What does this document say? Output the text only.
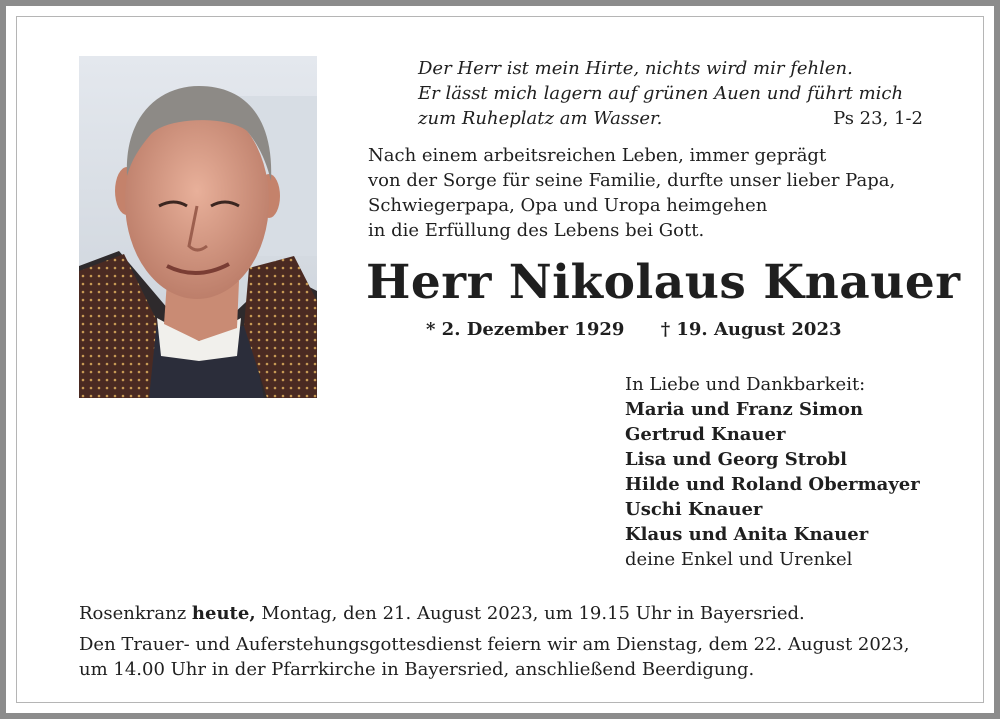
Der Herr ist mein Hirte, nichts wird mir fehlen.
Er lässt mich lagern auf grünen Auen und führt mich
zum Ruheplatz am Wasser.	Ps 23, 1-2
Nach einem arbeitsreichen Leben, immer geprägt
von der Sorge für seine Familie, durfte unser lieber Papa,
Schwiegerpapa, Opa und Uropa heimgehen
in die Erfüllung des Lebens bei Gott.
Herr Nikolaus Knauer
* 2. Dezember 1929 † 19. August 2023
In Liebe und Dankbarkeit:
Maria und Franz Simon
Gertrud Knauer
Lisa und Georg Strobl
Hilde und Roland Obermayer
Uschi Knauer
Klaus und Anita Knauer
deine Enkel und Urenkel
Rosenkranz heute, Montag, den 21. August 2023, um 19.15 Uhr in Bayersried.
Den Trauer- und Auferstehungsgottesdienst feiern wir am Dienstag, dem 22. August 2023,
um 14.00 Uhr in der Pfarrkirche in Bayersried, anschließend Beerdigung.
